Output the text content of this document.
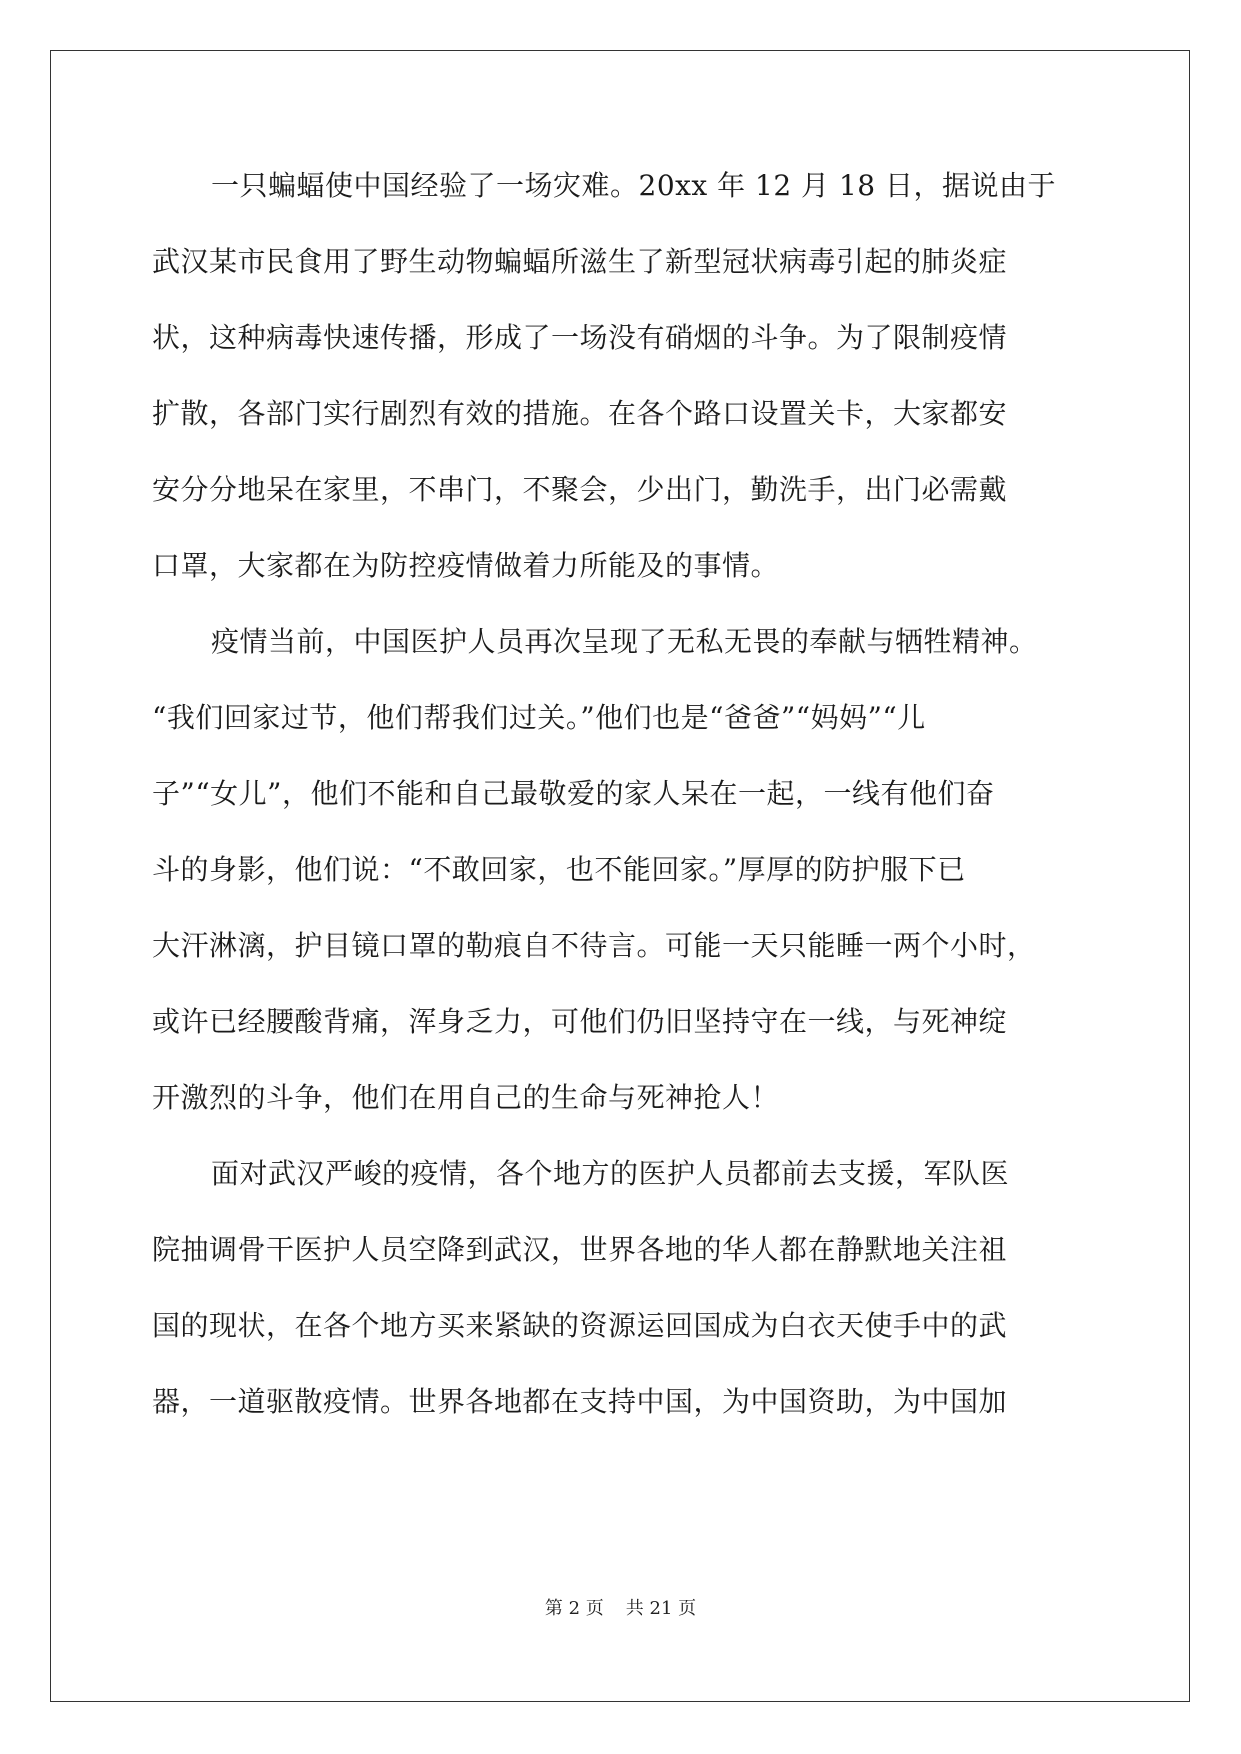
一只蝙蝠使中国经验了一场灾难。20xx 年 12 月 18 日，据说由于
武汉某市民食用了野生动物蝙蝠所滋生了新型冠状病毒引起的肺炎症
状，这种病毒快速传播，形成了一场没有硝烟的斗争。为了限制疫情
扩散，各部门实行剧烈有效的措施。在各个路口设置关卡，大家都安
安分分地呆在家里，不串门，不聚会，少出门，勤洗手，出门必需戴
口罩，大家都在为防控疫情做着力所能及的事情。
疫情当前，中国医护人员再次呈现了无私无畏的奉献与牺牲精神。
“我们回家过节，他们帮我们过关。”他们也是“爸爸”“妈妈”“儿
子”“女儿”，他们不能和自己最敬爱的家人呆在一起，一线有他们奋
斗的身影，他们说：“不敢回家，也不能回家。”厚厚的防护服下已
大汗淋漓，护目镜口罩的勒痕自不待言。可能一天只能睡一两个小时，
或许已经腰酸背痛，浑身乏力，可他们仍旧坚持守在一线，与死神绽
开激烈的斗争，他们在用自己的生命与死神抢人！
面对武汉严峻的疫情，各个地方的医护人员都前去支援，军队医
院抽调骨干医护人员空降到武汉，世界各地的华人都在静默地关注祖
国的现状，在各个地方买来紧缺的资源运回国成为白衣天使手中的武
器，一道驱散疫情。世界各地都在支持中国，为中国资助，为中国加
第 2 页 共 21 页
